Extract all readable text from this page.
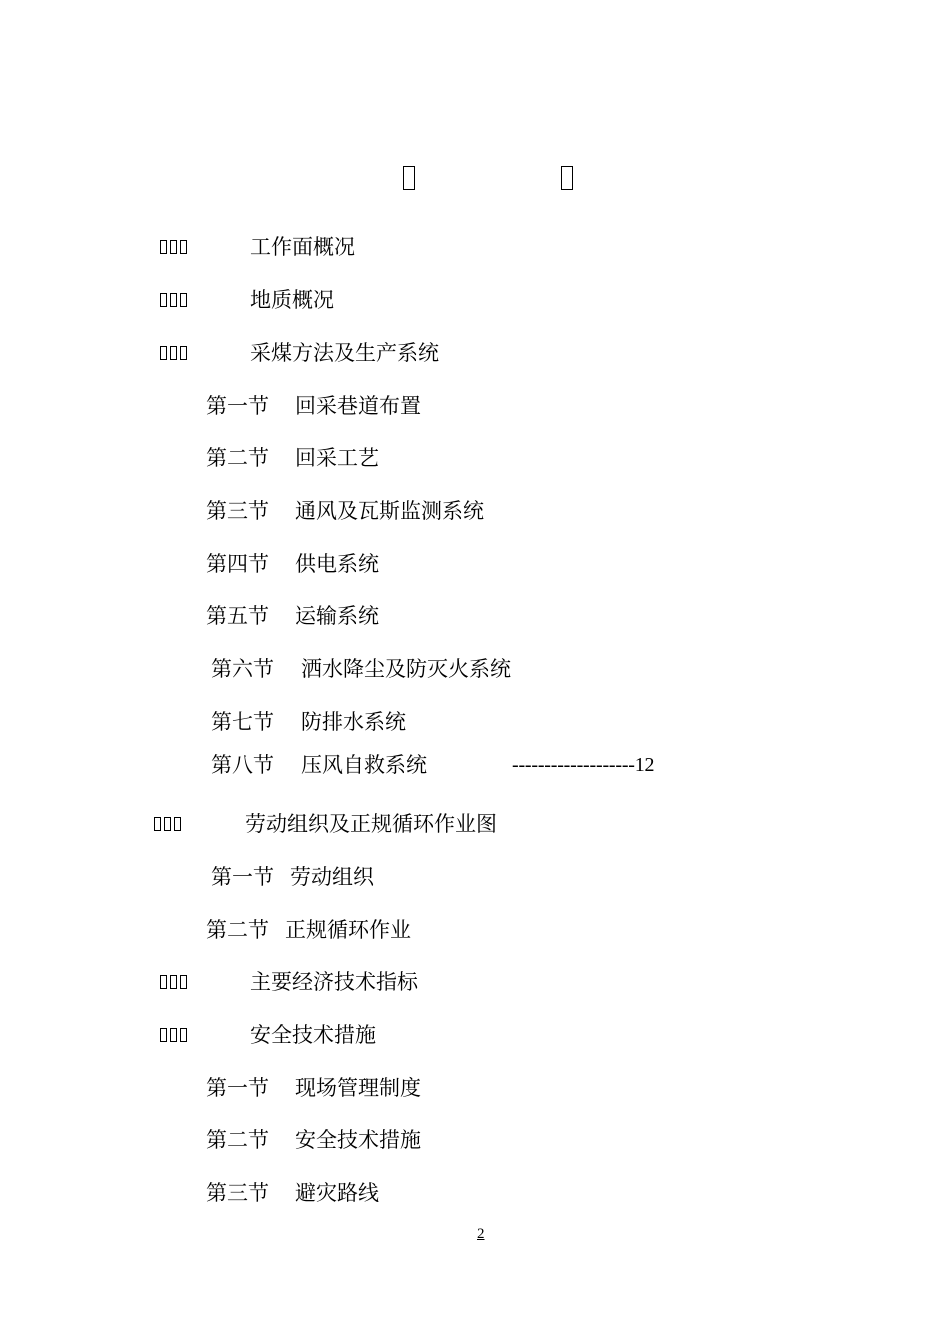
工作面概况
地质概况
采煤方法及生产系统
第一节 回采巷道布置
第二节 回采工艺
第三节 通风及瓦斯监测系统
第四节 供电系统
第五节 运输系统
第六节 洒水降尘及防灭火系统
第七节 防排水系统
第八节 压风自救系统	-------------------12
劳动组织及正规循环作业图
第一节 劳动组织
第二节 正规循环作业
主要经济技术指标
安全技术措施
第一节 现场管理制度
第二节 安全技术措施
第三节 避灾路线
2
